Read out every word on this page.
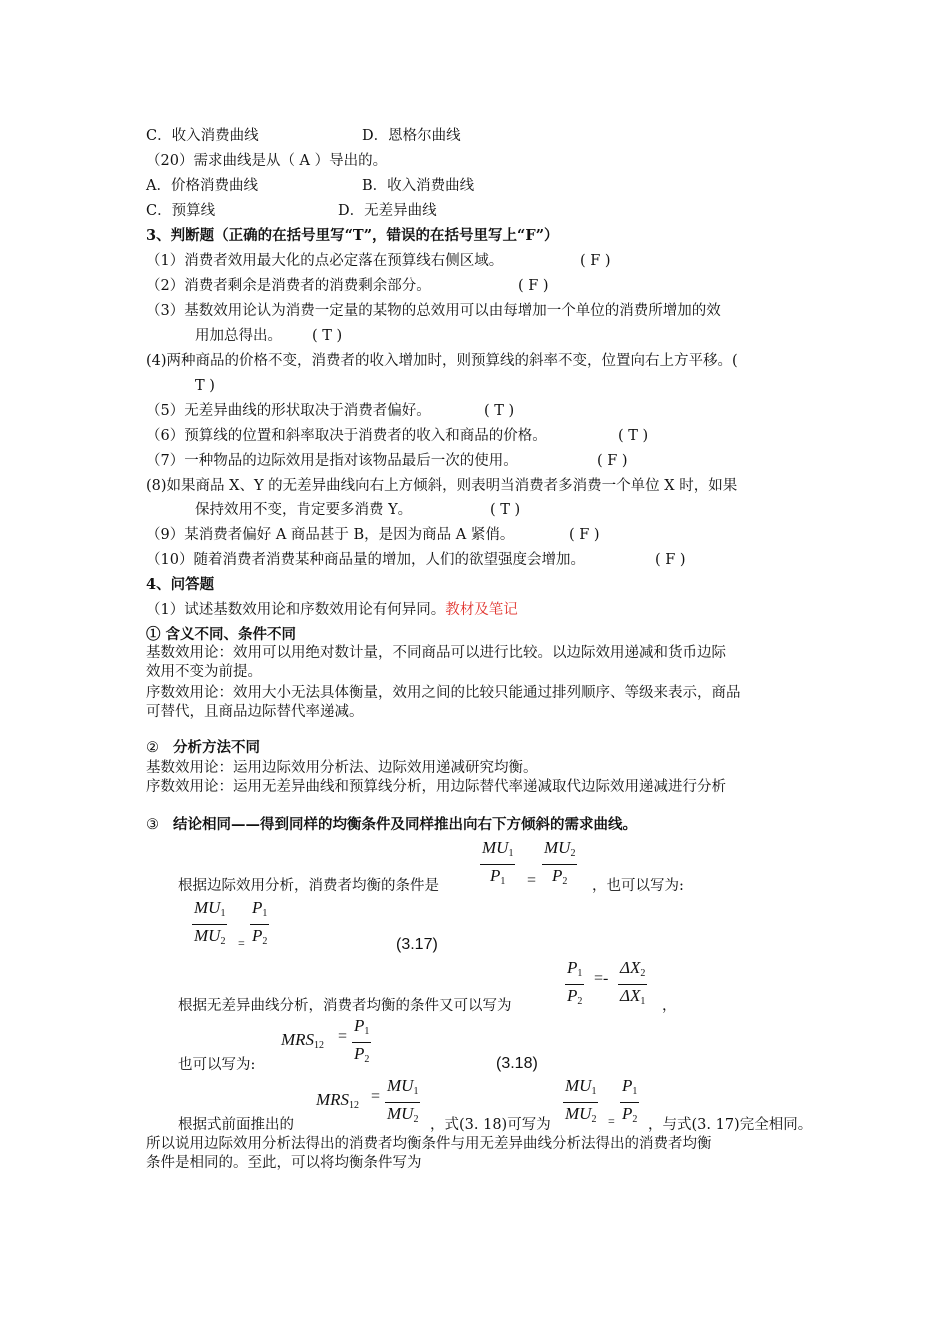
C．收入消费曲线	D．恩格尔曲线
（20）需求曲线是从（ A ）导出的。
A．价格消费曲线	B．收入消费曲线
C．预算线	D．无差异曲线
3、判断题（正确的在括号里写“T”，错误的在括号里写上“F”）
（1）消费者效用最大化的点必定落在预算线右侧区域。	( F )
（2）消费者剩余是消费者的消费剩余部分。	( F )
（3）基数效用论认为消费一定量的某物的总效用可以由每增加一个单位的消费所增加的效
用加总得出。 ( T )
(4)两种商品的价格不变，消费者的收入增加时，则预算线的斜率不变，位置向右上方平移。(
T )
（5）无差异曲线的形状取决于消费者偏好。	( T )
（6）预算线的位置和斜率取决于消费者的收入和商品的价格。	( T )
（7）一种物品的边际效用是指对该物品最后一次的使用。	( F )
(8)如果商品 X、Y 的无差异曲线向右上方倾斜，则表明当消费者多消费一个单位 X 时，如果
保持效用不变，肯定要多消费 Y。	( T )
（9）某消费者偏好 A 商品甚于 B，是因为商品 A 紧俏。	( F )
（10）随着消费者消费某种商品量的增加，人们的欲望强度会增加。	( F )
4、问答题
（1）试述基数效用论和序数效用论有何异同。教材及笔记
① 含义不同、条件不同
基数效用论：效用可以用绝对数计量，不同商品可以进行比较。以边际效用递减和货币边际
效用不变为前提。
序数效用论：效用大小无法具体衡量，效用之间的比较只能通过排列顺序、等级来表示，商品
可替代，且商品边际替代率递减。
② 分析方法不同
基数效用论：运用边际效用分析法、边际效用递减研究均衡。
序数效用论：运用无差异曲线和预算线分析，用边际替代率递减取代边际效用递减进行分析
③ 结论相同——得到同样的均衡条件及同样推出向右下方倾斜的需求曲线。
根据边际效用分析，消费者均衡的条件是
$MU_1$
$P_1$ =
$MU_2$
$P_2$ ，也可以写为:
$MU_1$
$MU_2$ =
$P_1$
$P_2$	(3.17)
$P_1$
$P_2$
=-
$\Delta X_2$
$\Delta X_1$
根据无差异曲线分析，消费者均衡的条件又可以写为	，
$MRS_{12}$
=
$P_1$
$P_2$
也可以写为:	(3.18)
$MRS_{12}$
=
$MU_1$
$MU_2$
$MU_1$
$MU_2$ =
$P_1$
$P_2$
根据式前面推出的	，式(3. 18)可写为	，与式(3. 17)完全相同。
所以说用边际效用分析法得出的消费者均衡条件与用无差异曲线分析法得出的消费者均衡
条件是相同的。至此，可以将均衡条件写为
